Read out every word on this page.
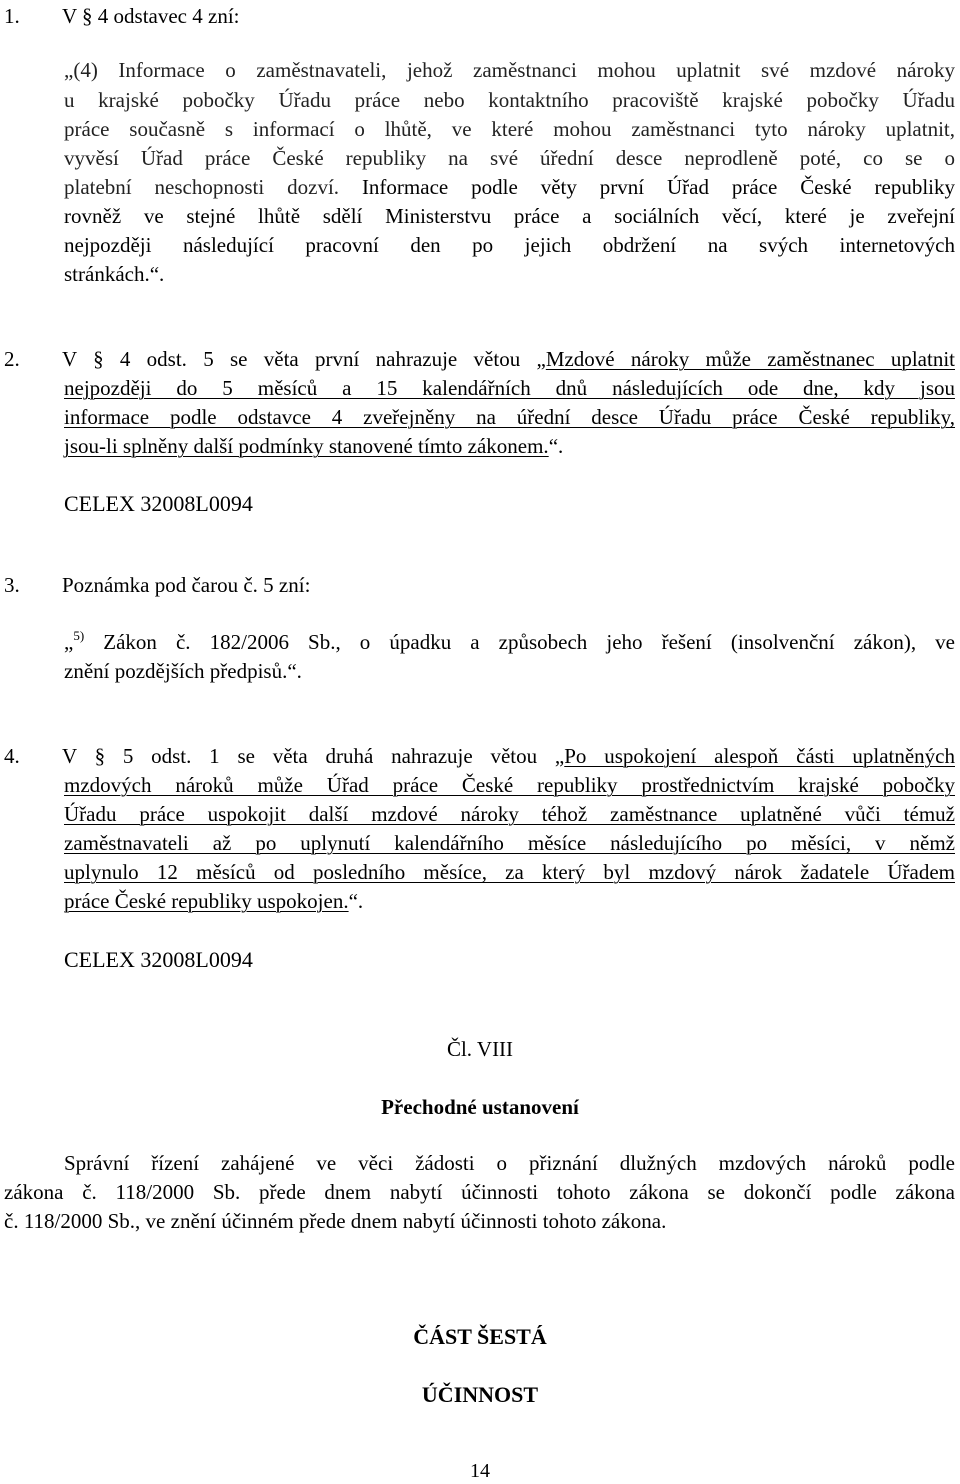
1. V § 4 odstavec 4 zní:
„(4) Informace o zaměstnavateli, jehož zaměstnanci mohou uplatnit své mzdové nároky
u krajské pobočky Úřadu práce nebo kontaktního pracoviště krajské pobočky Úřadu
práce současně s informací o lhůtě, ve které mohou zaměstnanci tyto nároky uplatnit,
vyvěsí Úřad práce České republiky na své úřední desce neprodleně poté, co se o
platební neschopnosti dozví. Informace podle věty první Úřad práce České republiky
rovněž ve stejné lhůtě sdělí Ministerstvu práce a sociálních věcí, které je zveřejní
nejpozději následující pracovní den po jejich obdržení na svých internetových
stránkách.“.
2. V § 4 odst. 5 se věta první nahrazuje větou „Mzdové nároky může zaměstnanec uplatnit
nejpozději do 5 měsíců a 15 kalendářních dnů následujících ode dne, kdy jsou
informace podle odstavce 4 zveřejněny na úřední desce Úřadu práce České republiky,
jsou-li splněny další podmínky stanovené tímto zákonem.“.
CELEX 32008L0094
3. Poznámka pod čarou č. 5 zní:
„$^{5)}$ Zákon č. 182/2006 Sb., o úpadku a způsobech jeho řešení (insolvenční zákon), ve
znění pozdějších předpisů.“.
4. V § 5 odst. 1 se věta druhá nahrazuje větou „Po uspokojení alespoň části uplatněných
mzdových nároků může Úřad práce České republiky prostřednictvím krajské pobočky
Úřadu práce uspokojit další mzdové nároky téhož zaměstnance uplatněné vůči témuž
zaměstnavateli až po uplynutí kalendářního měsíce následujícího po měsíci, v němž
uplynulo 12 měsíců od posledního měsíce, za který byl mzdový nárok žadatele Úřadem
práce České republiky uspokojen.“.
CELEX 32008L0094
Čl. VIII
Přechodné ustanovení
Správní řízení zahájené ve věci žádosti o přiznání dlužných mzdových nároků podle
zákona č. 118/2000 Sb. přede dnem nabytí účinnosti tohoto zákona se dokončí podle zákona
č. 118/2000 Sb., ve znění účinném přede dnem nabytí účinnosti tohoto zákona.
ČÁST ŠESTÁ
ÚČINNOST
14
